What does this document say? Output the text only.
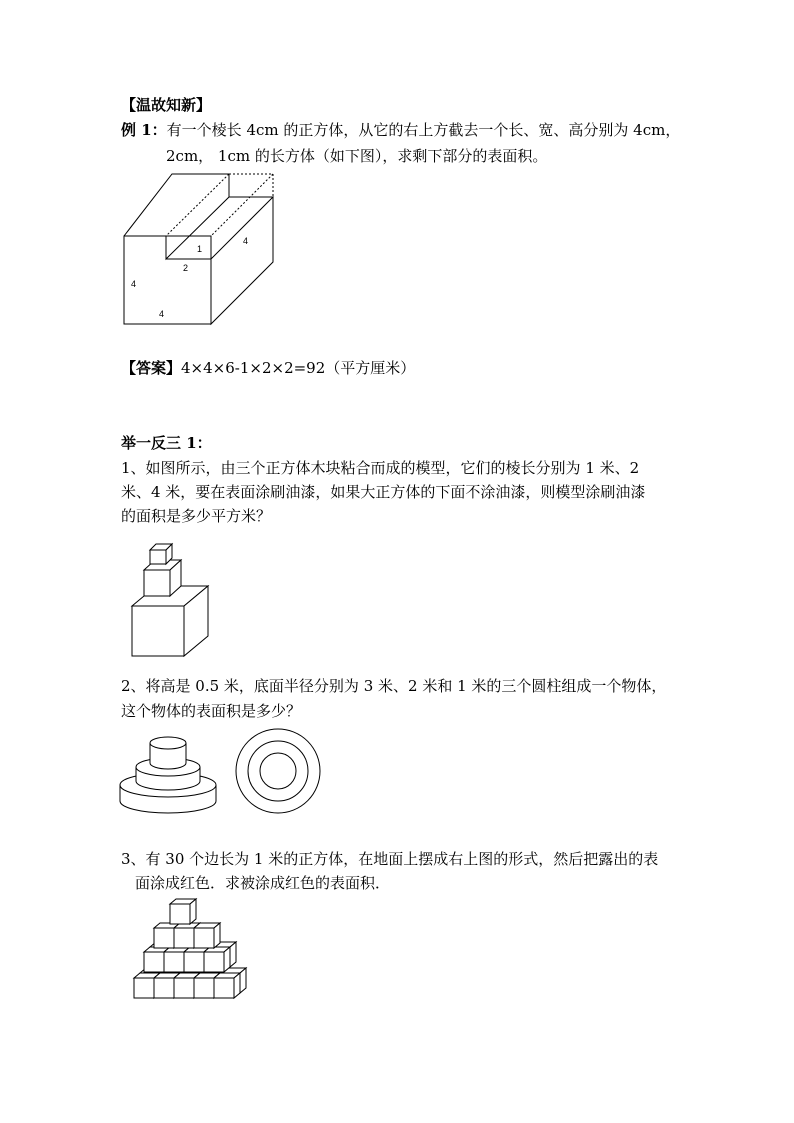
【温故知新】
例 1：有一个棱长 4cm 的正方体，从它的右上方截去一个长、宽、高分别为 4cm，
2cm， 1cm 的长方体（如下图），求剩下部分的表面积。
1
2
4
4
4
【答案】4×4×6-1×2×2=92（平方厘米）
举一反三 1：
1、如图所示，由三个正方体木块粘合而成的模型，它们的棱长分别为 1 米、2
米、4 米，要在表面涂刷油漆，如果大正方体的下面不涂油漆，则模型涂刷油漆
的面积是多少平方米？
2、将高是 0.5 米，底面半径分别为 3 米、2 米和 1 米的三个圆柱组成一个物体，
这个物体的表面积是多少？
3、有 30 个边长为 1 米的正方体，在地面上摆成右上图的形式，然后把露出的表
面涂成红色．求被涂成红色的表面积．
